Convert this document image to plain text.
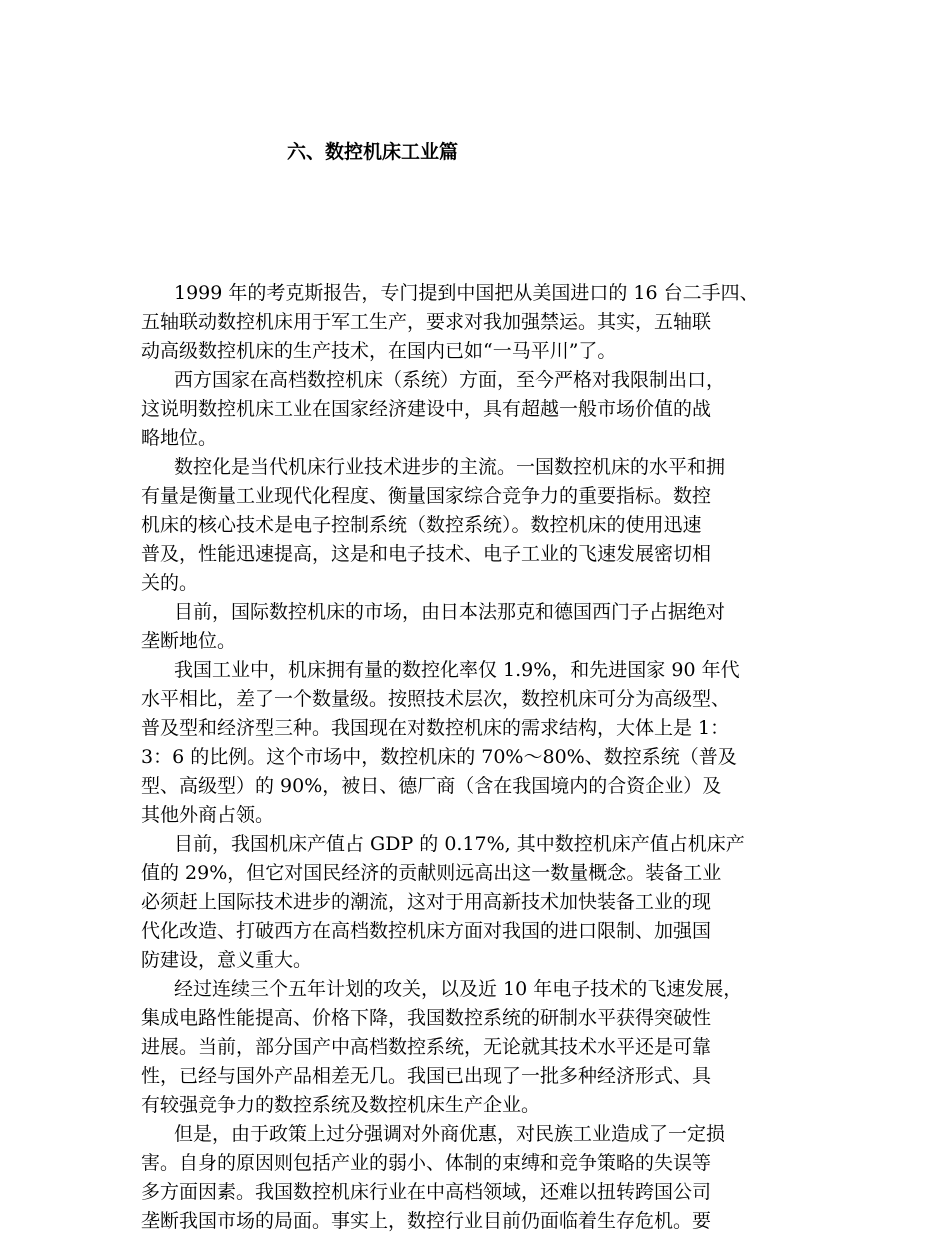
六、数控机床工业篇
1999 年的考克斯报告，专门提到中国把从美国进口的 16 台二手四、
五轴联动数控机床用于军工生产，要求对我加强禁运。其实，五轴联
动高级数控机床的生产技术，在国内已如“一马平川”了。
西方国家在高档数控机床（系统）方面，至今严格对我限制出口，
这说明数控机床工业在国家经济建设中，具有超越一般市场价值的战
略地位。
数控化是当代机床行业技术进步的主流。一国数控机床的水平和拥
有量是衡量工业现代化程度、衡量国家综合竞争力的重要指标。数控
机床的核心技术是电子控制系统（数控系统）。数控机床的使用迅速
普及，性能迅速提高，这是和电子技术、电子工业的飞速发展密切相
关的。
目前，国际数控机床的市场，由日本法那克和德国西门子占据绝对
垄断地位。
我国工业中，机床拥有量的数控化率仅 1.9%，和先进国家 90 年代
水平相比，差了一个数量级。按照技术层次，数控机床可分为高级型、
普及型和经济型三种。我国现在对数控机床的需求结构，大体上是 1：
3：6 的比例。这个市场中，数控机床的 70%～80%、数控系统（普及
型、高级型）的 90%，被日、德厂商（含在我国境内的合资企业）及
其他外商占领。
目前，我国机床产值占 GDP 的 0.17%, 其中数控机床产值占机床产
值的 29%，但它对国民经济的贡献则远高出这一数量概念。装备工业
必须赶上国际技术进步的潮流，这对于用高新技术加快装备工业的现
代化改造、打破西方在高档数控机床方面对我国的进口限制、加强国
防建设，意义重大。
经过连续三个五年计划的攻关，以及近 10 年电子技术的飞速发展，
集成电路性能提高、价格下降，我国数控系统的研制水平获得突破性
进展。当前，部分国产中高档数控系统，无论就其技术水平还是可靠
性，已经与国外产品相差无几。我国已出现了一批多种经济形式、具
有较强竞争力的数控系统及数控机床生产企业。
但是，由于政策上过分强调对外商优惠，对民族工业造成了一定损
害。自身的原因则包括产业的弱小、体制的束缚和竞争策略的失误等
多方面因素。我国数控机床行业在中高档领域，还难以扭转跨国公司
垄断我国市场的局面。事实上，数控行业目前仍面临着生存危机。要
